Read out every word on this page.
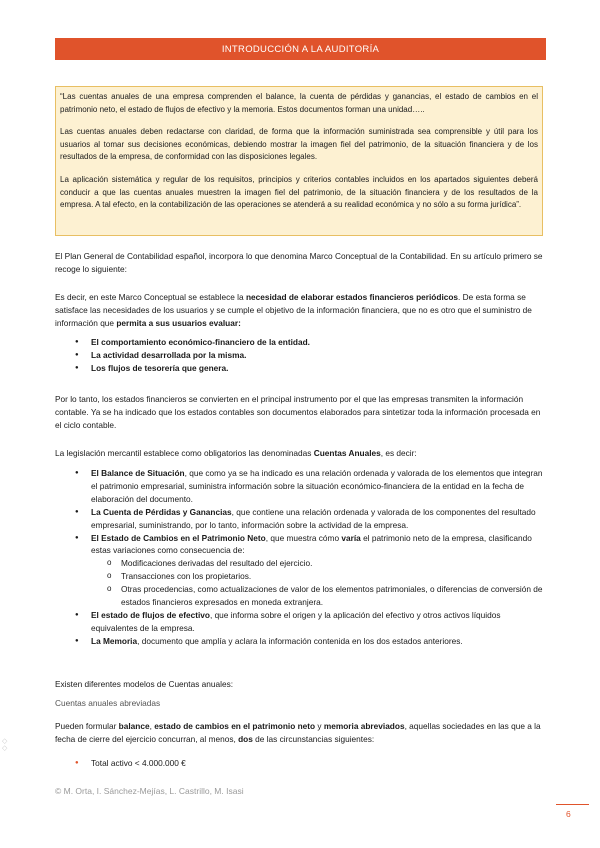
INTRODUCCIÓN A LA AUDITORÍA

“Las cuentas anuales de una empresa comprenden el balance, la cuenta de pérdidas y ganancias, el estado de cambios en el patrimonio neto, el estado de flujos de efectivo y la memoria. Estos documentos forman una unidad…..

Las cuentas anuales deben redactarse con claridad, de forma que la información suministrada sea comprensible y útil para los usuarios al tomar sus decisiones económicas, debiendo mostrar la imagen fiel del patrimonio, de la situación financiera y de los resultados de la empresa, de conformidad con las disposiciones legales.

La aplicación sistemática y regular de los requisitos, principios y criterios contables incluidos en los apartados siguientes deberá conducir a que las cuentas anuales muestren la imagen fiel del patrimonio, de la situación financiera y de los resultados de la empresa. A tal efecto, en la contabilización de las operaciones se atenderá a su realidad económica y no sólo a su forma jurídica”.

El Plan General de Contabilidad español, incorpora lo que denomina Marco Conceptual de la Contabilidad. En su artículo primero se recoge lo siguiente:

Es decir, en este Marco Conceptual se establece la necesidad de elaborar estados financieros periódicos. De esta forma se satisface las necesidades de los usuarios y se cumple el objetivo de la información financiera, que no es otro que el suministro de información que permita a sus usuarios evaluar:

● El comportamiento económico-financiero de la entidad.
● La actividad desarrollada por la misma.
● Los flujos de tesorería que genera.

Por lo tanto, los estados financieros se convierten en el principal instrumento por el que las empresas transmiten la información contable. Ya se ha indicado que los estados contables son documentos elaborados para sintetizar toda la información procesada en el ciclo contable.

La legislación mercantil establece como obligatorios las denominadas Cuentas Anuales, es decir:

● El Balance de Situación, que como ya se ha indicado es una relación ordenada y valorada de los elementos que integran el patrimonio empresarial, suministra información sobre la situación económico-financiera de la entidad en la fecha de elaboración del documento.
● La Cuenta de Pérdidas y Ganancias, que contiene una relación ordenada y valorada de los componentes del resultado empresarial, suministrando, por lo tanto, información sobre la actividad de la empresa.
● El Estado de Cambios en el Patrimonio Neto, que muestra cómo varía el patrimonio neto de la empresa, clasificando estas variaciones como consecuencia de:
o Modificaciones derivadas del resultado del ejercicio.
o Transacciones con los propietarios.
o Otras procedencias, como actualizaciones de valor de los elementos patrimoniales, o diferencias de conversión de estados financieros expresados en moneda extranjera.
● El estado de flujos de efectivo, que informa sobre el origen y la aplicación del efectivo y otros activos líquidos equivalentes de la empresa.
● La Memoria, documento que amplía y aclara la información contenida en los dos estados anteriores.

Existen diferentes modelos de Cuentas anuales:

Cuentas anuales abreviadas

Pueden formular balance, estado de cambios en el patrimonio neto y memoria abreviados, aquellas sociedades en las que a la fecha de cierre del ejercicio concurran, al menos, dos de las circunstancias siguientes:

● Total activo < 4.000.000 €
◇
◇
© M. Orta, I. Sánchez-Mejías, L. Castrillo, M. Isasi
6
